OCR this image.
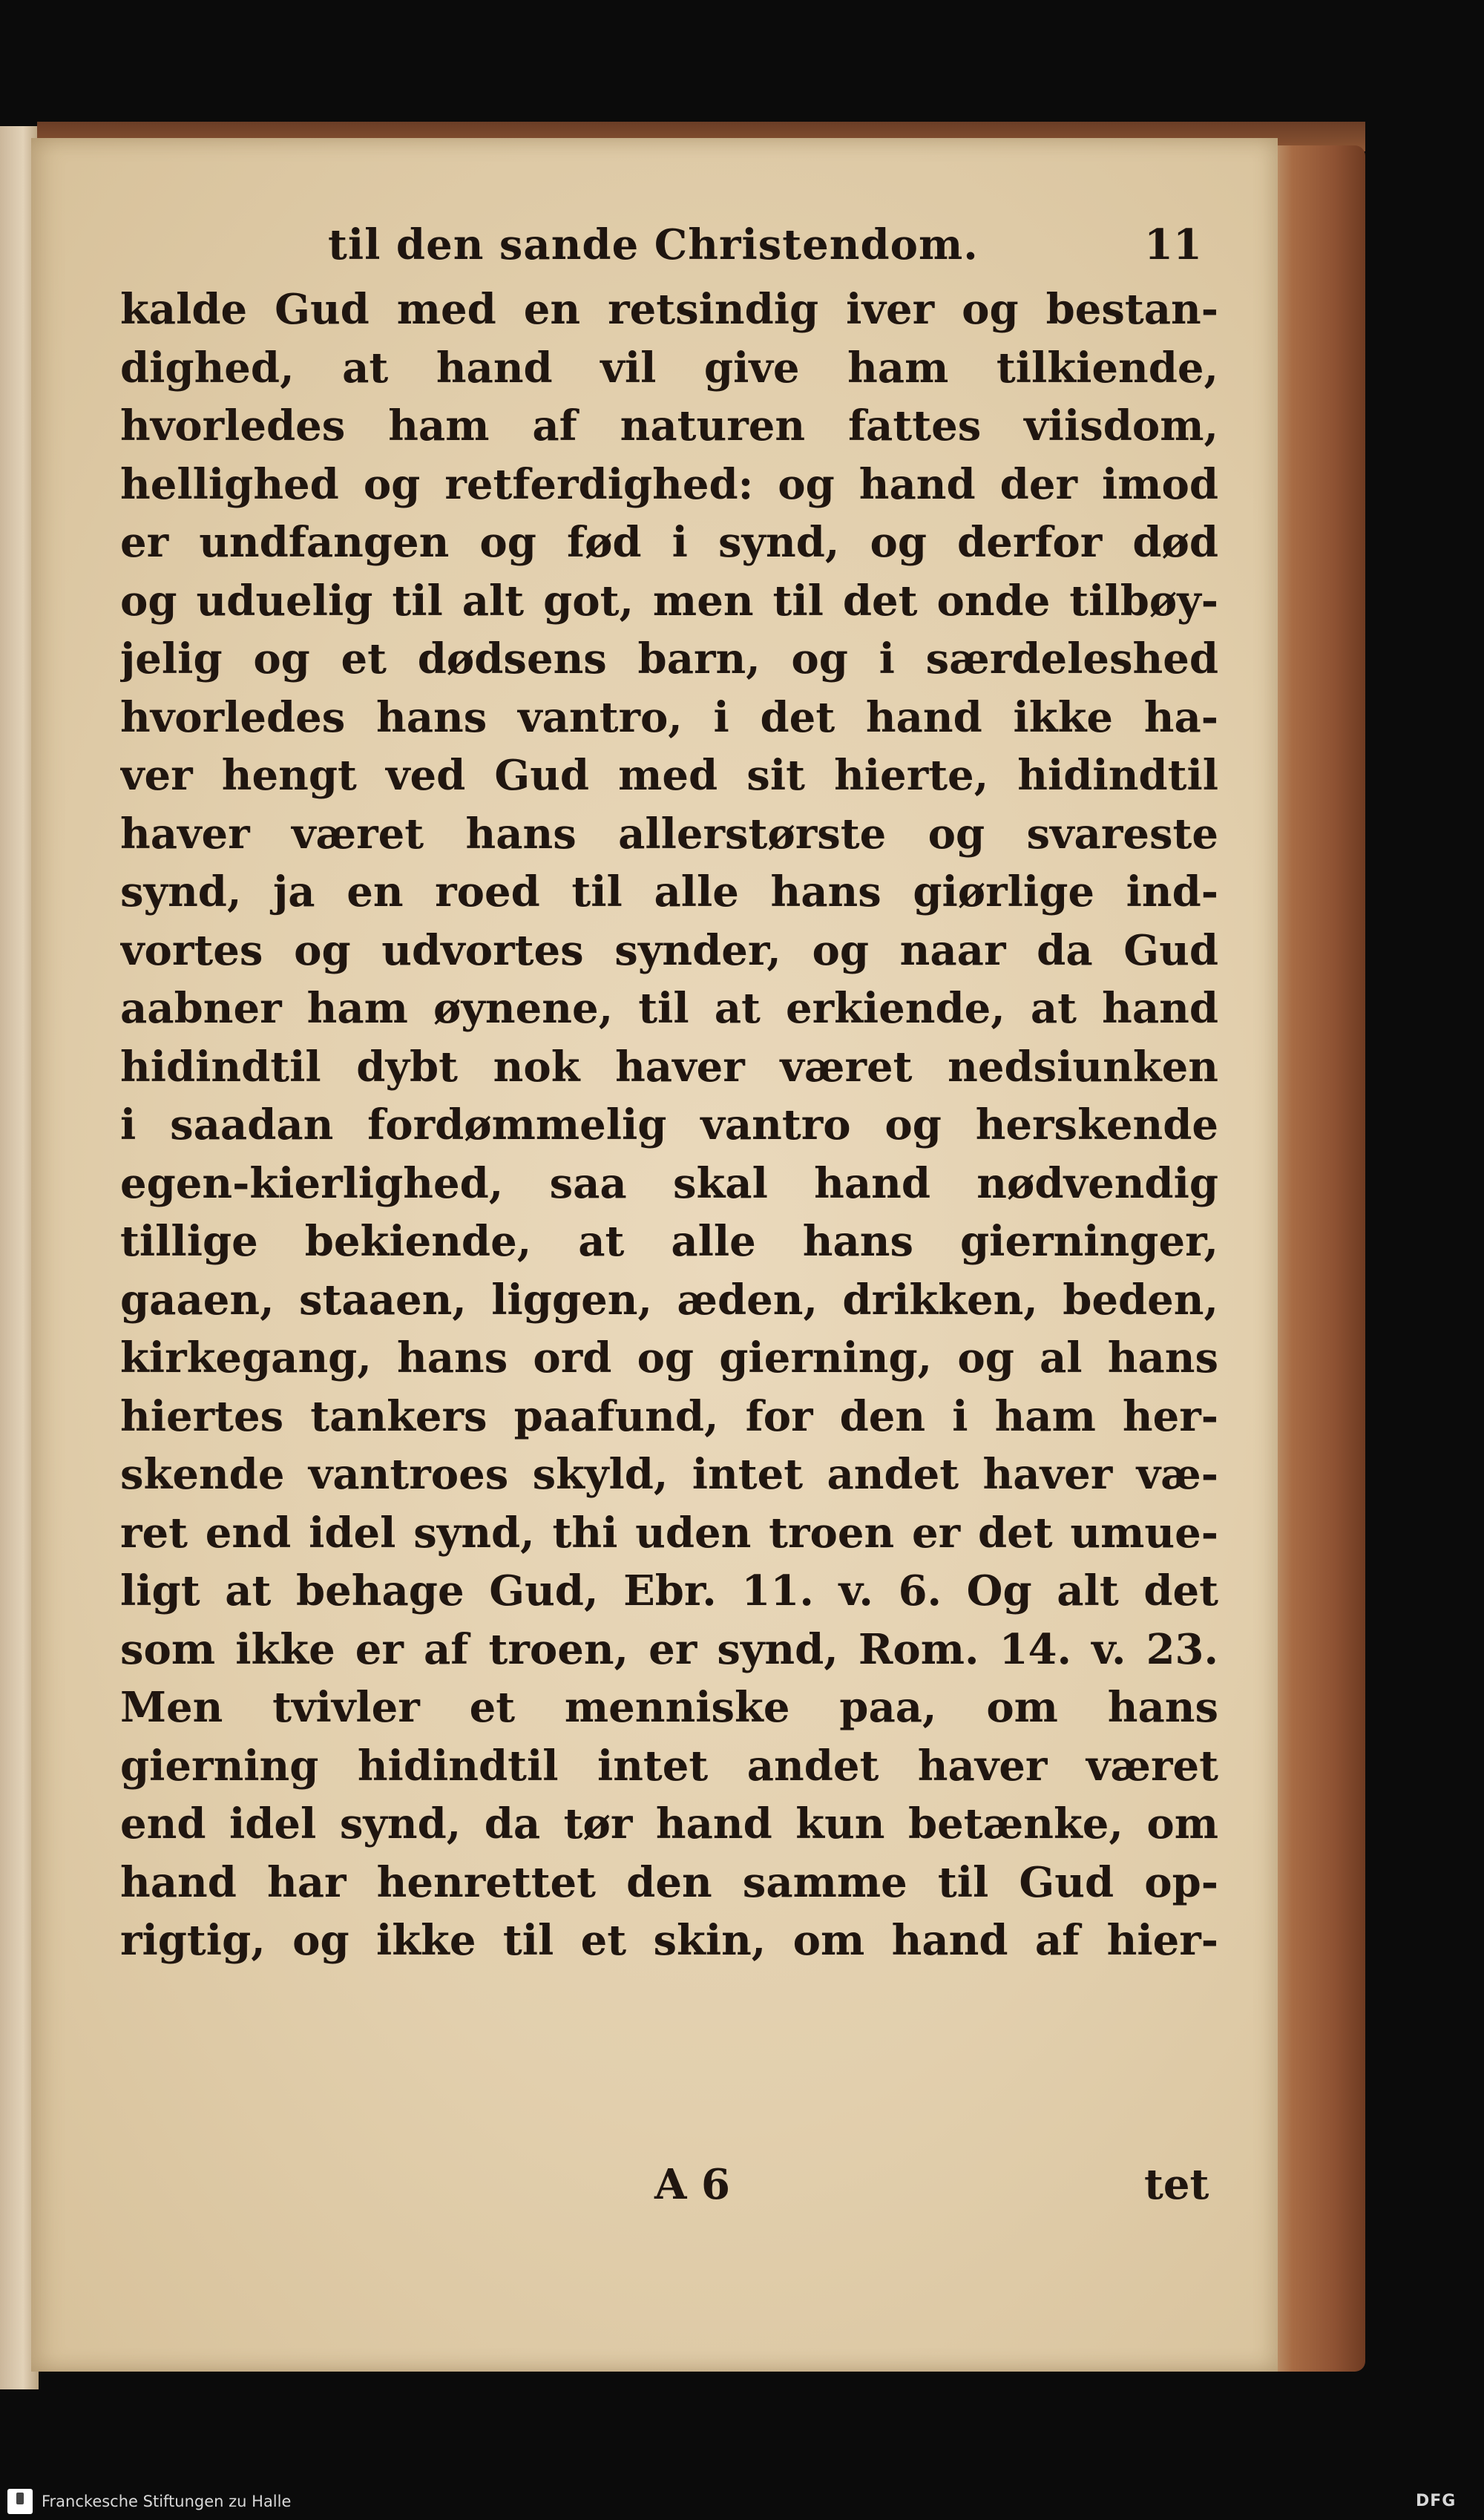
til den sande Christendom.	11
kalde Gud med en retsindig iver og bestan-
dighed, at hand vil give ham tilkiende,
hvorledes ham af naturen fattes viisdom,
hellighed og retferdighed: og hand der imod
er undfangen og fød i synd, og derfor død
og uduelig til alt got, men til det onde tilbøy-
jelig og et dødsens barn, og i særdeleshed
hvorledes hans vantro, i det hand ikke ha-
ver hengt ved Gud med sit hierte, hidindtil
haver været hans allerstørste og svareste
synd, ja en roed til alle hans giørlige ind-
vortes og udvortes synder, og naar da Gud
aabner ham øynene, til at erkiende, at hand
hidindtil dybt nok haver været nedsiunken
i saadan fordømmelig vantro og herskende
egen-kierlighed, saa skal hand nødvendig
tillige bekiende, at alle hans gierninger,
gaaen, staaen, liggen, æden, drikken, beden,
kirkegang, hans ord og gierning, og al hans
hiertes tankers paafund, for den i ham her-
skende vantroes skyld, intet andet haver væ-
ret end idel synd, thi uden troen er det umue-
ligt at behage Gud, Ebr. 11. v. 6. Og alt det
som ikke er af troen, er synd, Rom. 14. v. 23.
Men tvivler et menniske paa, om hans
gierning hidindtil intet andet haver været
end idel synd, da tør hand kun betænke, om
hand har henrettet den samme til Gud op-
rigtig, og ikke til et skin, om hand af hier-
A 6	tet
Franckesche Stiftungen zu Halle	DFG
